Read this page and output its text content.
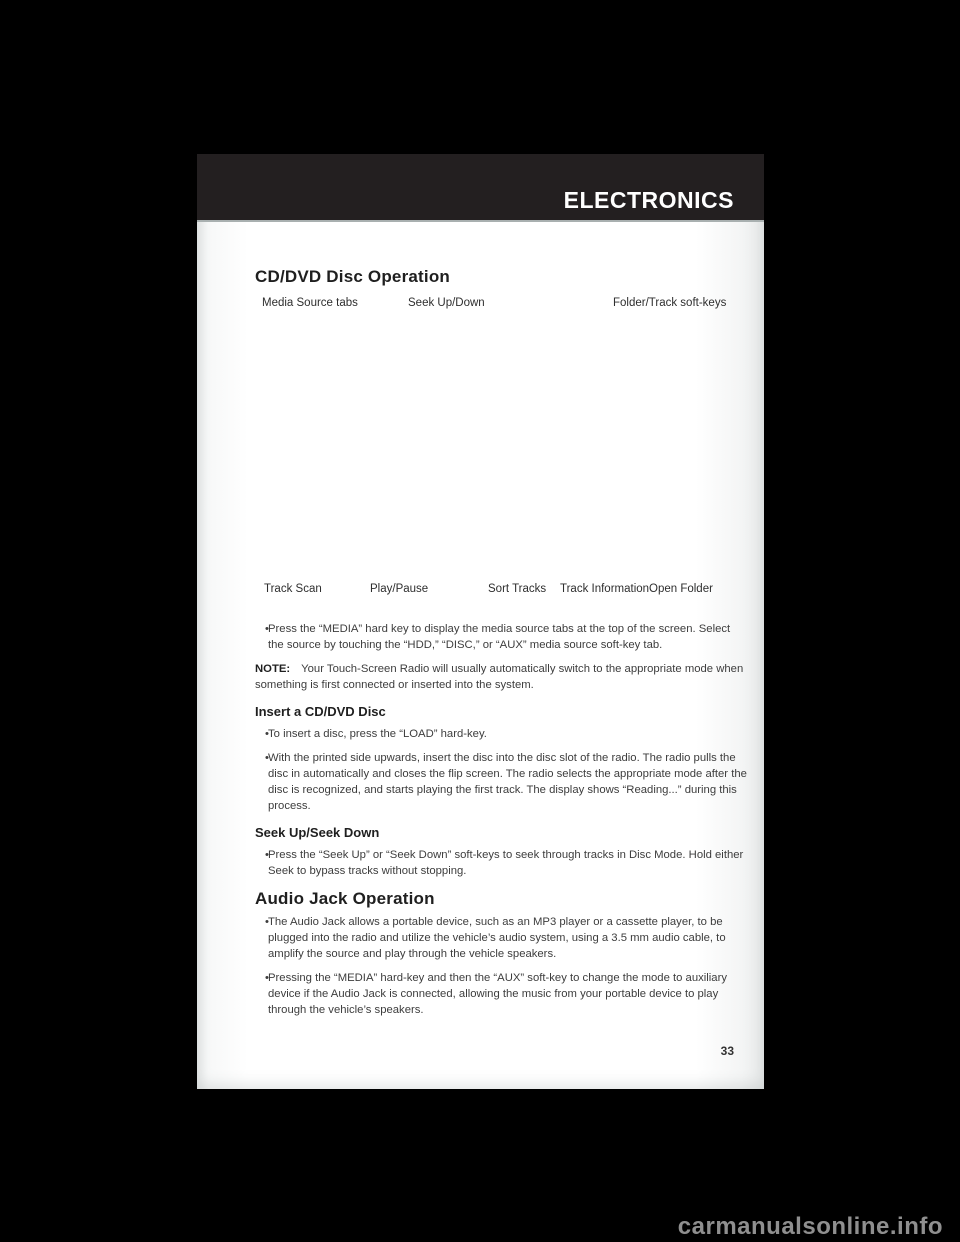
ELECTRONICS
CD/DVD Disc Operation
Media Source tabs	Seek Up/Down	Folder/Track soft-keys
Track Scan	Play/Pause	Sort Tracks Track Information Open Folder
•
Press the “MEDIA” hard key to display the media source tabs at the top of the screen. Select the source by touching the “HDD,” “DISC,” or “AUX” media source soft-key tab.

NOTE: Your Touch-Screen Radio will usually automatically switch to the appropriate mode when something is first connected or inserted into the system.

Insert a CD/DVD Disc
•
To insert a disc, press the “LOAD” hard-key.
•
With the printed side upwards, insert the disc into the disc slot of the radio. The radio pulls the disc in automatically and closes the flip screen. The radio selects the appropriate mode after the disc is recognized, and starts playing the first track. The display shows “Reading...” during this process.
Seek Up/Seek Down
•
Press the “Seek Up” or “Seek Down” soft-keys to seek through tracks in Disc Mode. Hold either Seek to bypass tracks without stopping.
Audio Jack Operation
•
The Audio Jack allows a portable device, such as an MP3 player or a cassette player, to be plugged into the radio and utilize the vehicle’s audio system, using a 3.5 mm audio cable, to amplify the source and play through the vehicle speakers.
•
Pressing the “MEDIA” hard-key and then the “AUX” soft-key to change the mode to auxiliary device if the Audio Jack is connected, allowing the music from your portable device to play through the vehicle’s speakers.
33
carmanualsonline.info
